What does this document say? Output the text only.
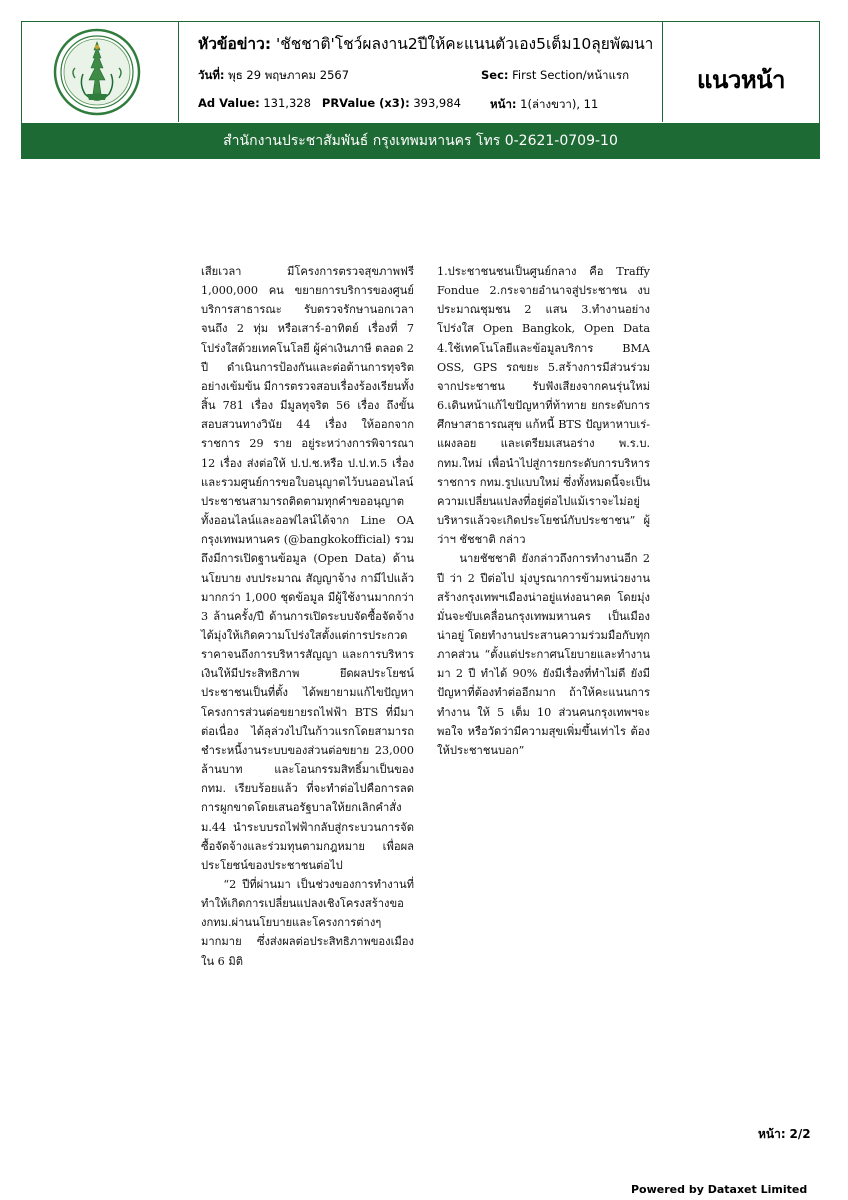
หัวข้อข่าว: 'ชัชชาติ'โชว์ผลงาน2ปีให้คะแนนตัวเอง5เต็ม10ลุยพัฒนา
วันที่: พุธ 29 พฤษภาคม 2567	Sec: First Section/หน้าแรก
Ad Value: 131,328 PRValue (x3): 393,984	หน้า: 1(ล่างขวา), 11
แนวหน้า
สำนักงานประชาสัมพันธ์ กรุงเทพมหานคร โทร 0-2621-0709-10

เสียเวลา มีโครงการตรวจสุขภาพฟรี 1,000,000 คน ขยายการบริการของศูนย์บริการสาธารณะ รับตรวจรักษานอกเวลา จนถึง 2 ทุ่ม หรือเสาร์-อาทิตย์ เรื่องที่ 7 โปร่งใสด้วยเทคโนโลยี ผู้ค่าเงินภาษี ตลอด 2 ปี ดำเนินการป้องกันและต่อต้านการทุจริตอย่างเข้มข้น มีการตรวจสอบเรื่องร้องเรียนทั้งสิ้น 781 เรื่อง มีมูลทุจริต 56 เรื่อง ถึงขั้นสอบสวนทางวินัย 44 เรื่อง ให้ออกจากราชการ 29 ราย อยู่ระหว่างการพิจารณา 12 เรื่อง ส่งต่อให้ ป.ป.ช.หรือ ป.ป.ท.5 เรื่อง และรวมศูนย์การขอใบอนุญาตไว้บนออนไลน์ ประชาชนสามารถติดตามทุกคำขออนุญาตทั้งออนไลน์และออฟไลน์ได้จาก Line OA กรุงเทพมหานคร (@bangkokofficial) รวมถึงมีการเปิดฐานข้อมูล (Open Data) ด้านนโยบาย งบประมาณ สัญญาจ้าง กามีไปแล้วมากกว่า 1,000 ชุดข้อมูล มีผู้ใช้งานมากกว่า 3 ล้านครั้ง/ปี ด้านการเปิดระบบจัดซื้อจัดจ้าง ได้มุ่งให้เกิดความโปร่งใสตั้งแต่การประกวดราคาจนถึงการบริหารสัญญา และการบริหารเงินให้มีประสิทธิภาพ ยึดผลประโยชน์ประชาชนเป็นที่ตั้ง ได้พยายามแก้ไขปัญหาโครงการส่วนต่อขยายรถไฟฟ้า BTS ที่มีมาต่อเนื่อง ได้ลุล่วงไปในก้าวแรกโดยสามารถชำระหนี้งานระบบของส่วนต่อขยาย 23,000 ล้านบาท และโอนกรรมสิทธิ์มาเป็นของ กทม. เรียบร้อยแล้ว ที่จะทำต่อไปคือการลดการผูกขาดโดยเสนอรัฐบาลให้ยกเลิกคำสั่ง ม.44 นำระบบรถไฟฟ้ากลับสู่กระบวนการจัดซื้อจัดจ้างและร่วมทุนตามกฎหมาย เพื่อผลประโยชน์ของประชาชนต่อไป

“2 ปีที่ผ่านมา เป็นช่วงของการทำงานที่ทำให้เกิดการเปลี่ยนแปลงเชิงโครงสร้างของกทม.ผ่านนโยบายและโครงการต่างๆ มากมาย ซึ่งส่งผลต่อประสิทธิภาพของเมือง ใน 6 มิติ

1.ประชาชนชนเป็นศูนย์กลาง คือ Traffy Fondue 2.กระจายอำนาจสู่ประชาชน งบประมาณชุมชน 2 แสน 3.ทำงานอย่างโปร่งใส Open Bangkok, Open Data 4.ใช้เทคโนโลยีและข้อมูลบริการ BMA OSS, GPS รถขยะ 5.สร้างการมีส่วนร่วมจากประชาชน รับฟังเสียงจากคนรุ่นใหม่ 6.เดินหน้าแก้ไขปัญหาที่ท้าทาย ยกระดับการศึกษาสาธารณสุข แก้หนี้ BTS ปัญหาหาบเร่-แผงลอย และเตรียมเสนอร่าง พ.ร.บ. กทม.ใหม่ เพื่อนำไปสู่การยกระดับการบริหารราชการ กทม.รูปแบบใหม่ ซึ่งทั้งหมดนี้จะเป็นความเปลี่ยนแปลงที่อยู่ต่อไปแม้เราจะไม่อยู่บริหารแล้วจะเกิดประโยชน์กับประชาชน” ผู้ว่าฯ ชัชชาติ กล่าว

นายชัชชาติ ยังกล่าวถึงการทำงานอีก 2 ปี ว่า 2 ปีต่อไป มุ่งบูรณาการข้ามหน่วยงาน สร้างกรุงเทพฯเมืองน่าอยู่แห่งอนาคต โดยมุ่งมั่นจะขับเคลื่อนกรุงเทพมหานคร เป็นเมืองน่าอยู่ โดยทำงานประสานความร่วมมือกับทุกภาคส่วน “ตั้งแต่ประกาศนโยบายและทำงานมา 2 ปี ทำได้ 90% ยังมีเรื่องที่ทำไม่ดี ยังมีปัญหาที่ต้องทำต่ออีกมาก ถ้าให้คะแนนการทำงาน ให้ 5 เต็ม 10 ส่วนคนกรุงเทพฯจะพอใจ หรือวัดว่ามีความสุขเพิ่มขึ้นเท่าไร ต้องให้ประชาชนบอก”

หน้า: 2/2
Powered by Dataxet Limited
